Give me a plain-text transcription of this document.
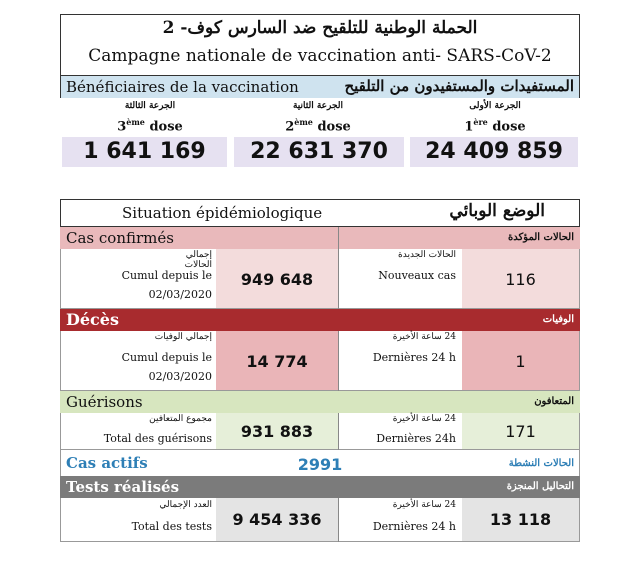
الحملة الوطنية للتلقيح ضد السارس كوف- 2
Campagne nationale de vaccination anti- SARS-CoV-2
Bénéficiaires de la vaccination	المستفيدات والمستفيدون من التلقيح
الجرعة الثالثة
3ème dose
1 641 169
الجرعة الثانية
2ème dose
22 631 370
الجرعة الأولى
1ère dose
24 409 859
Situation épidémiologique	الوضع الوبائي
Cas confirmés	الحالات المؤكدة
إجمالي الحالات
Cumul depuis le
02/03/2020
949 648
الحالات الجديدة
Nouveaux cas	116
Décès	الوفيات
إجمالي الوفيات
Cumul depuis le
02/03/2020
14 774
24 ساعة الأخيرة
Dernières 24 h	1
Guérisons	المتعافون
مجموع المتعافين
Total des guérisons	931 883
24 ساعة الأخيرة
Dernières 24h	171
Cas actifs	2991	الحالات النشطة
Tests réalisés	التحاليل المنجزة
العدد الإجمالي
Total des tests	9 454 336
24 ساعة الأخيرة
Dernières 24 h	13 118
